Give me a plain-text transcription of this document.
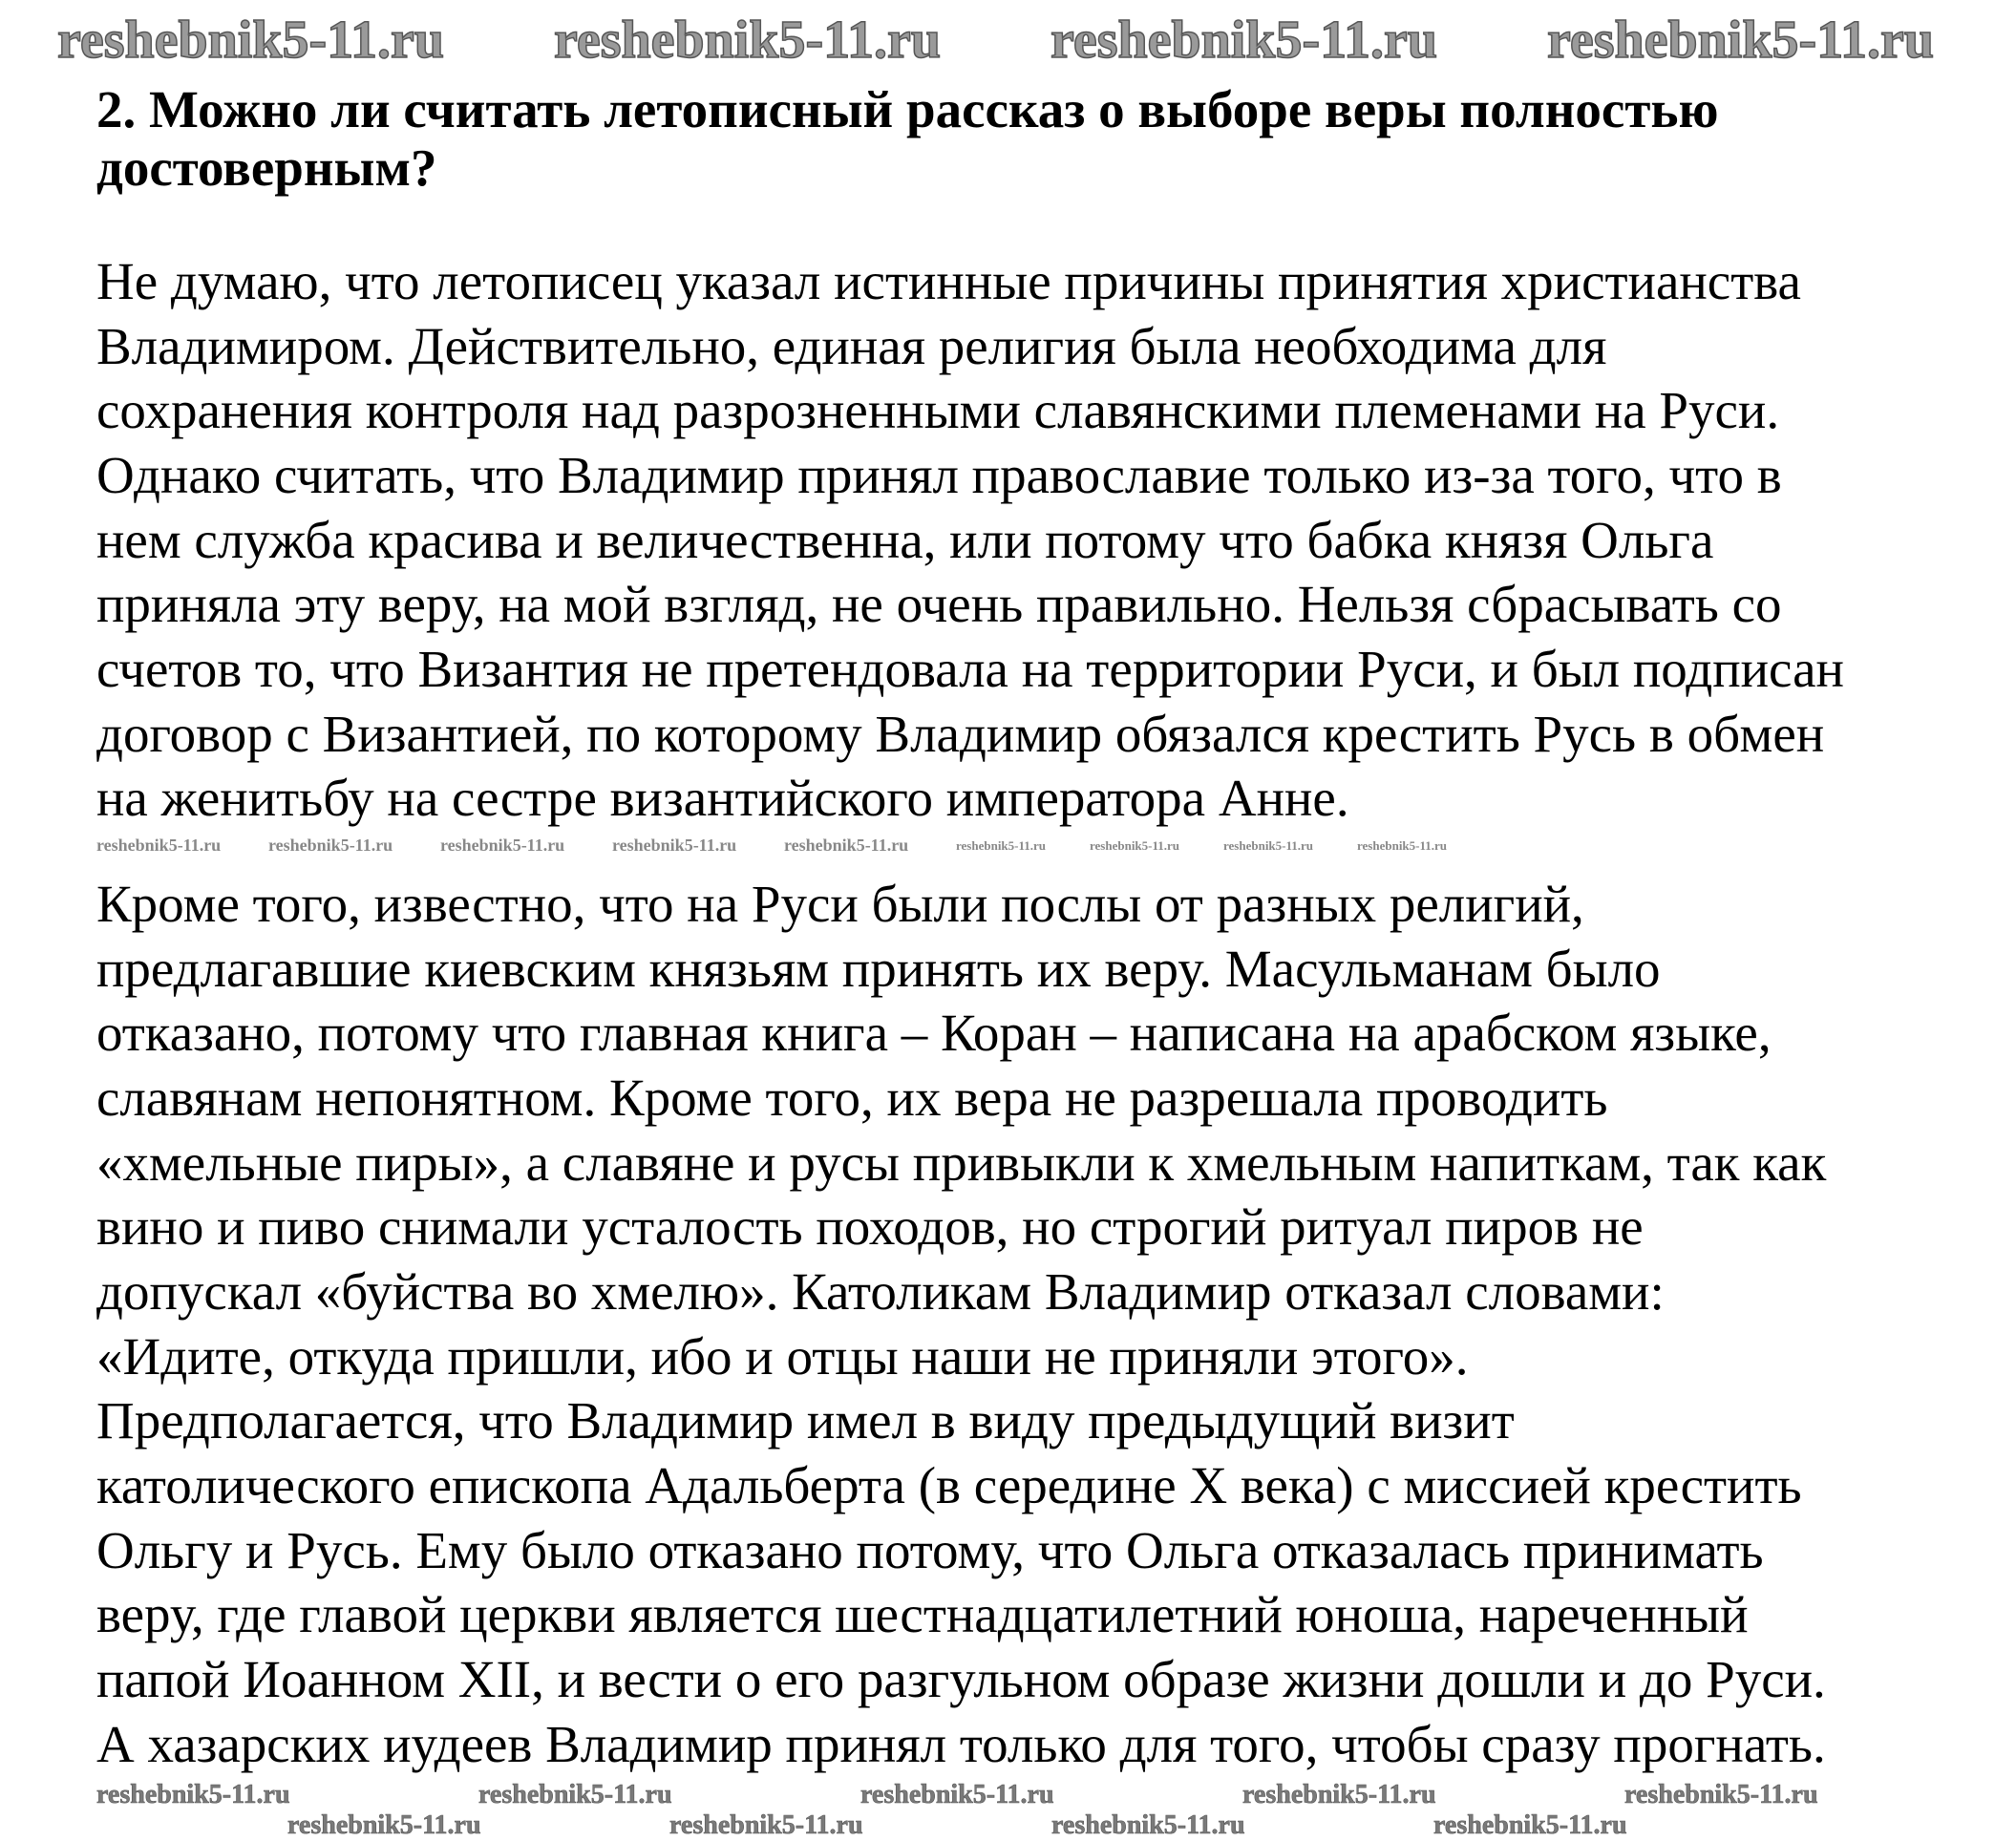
2. Можно ли считать летописный рассказ о выборе веры полностью
достоверным?
Не думаю, что летописец указал истинные причины принятия христианства
Владимиром. Действительно, единая религия была необходима для
сохранения контроля над разрозненными славянскими племенами на Руси.
Однако считать, что Владимир принял православие только из-за того, что в
нем служба красива и величественна, или потому что бабка князя Ольга
приняла эту веру, на мой взгляд, не очень правильно. Нельзя сбрасывать со
счетов то, что Византия не претендовала на территории Руси, и был подписан
договор с Византией, по которому Владимир обязался крестить Русь в обмен
на женитьбу на сестре византийского императора Анне.
Кроме того, известно, что на Руси были послы от разных религий,
предлагавшие киевским князьям принять их веру. Масульманам было
отказано, потому что главная книга – Коран – написана на арабском языке,
славянам непонятном. Кроме того, их вера не разрешала проводить
«хмельные пиры», а славяне и русы привыкли к хмельным напиткам, так как
вино и пиво снимали усталость походов, но строгий ритуал пиров не
допускал «буйства во хмелю». Католикам Владимир отказал словами:
«Идите, откуда пришли, ибо и отцы наши не приняли этого».
Предполагается, что Владимир имел в виду предыдущий визит
католического епископа Адальберта (в середине X века) с миссией крестить
Ольгу и Русь. Ему было отказано потому, что Ольга отказалась принимать
веру, где главой церкви является шестнадцатилетний юноша, нареченный
папой Иоанном XII, и вести о его разгульном образе жизни дошли и до Руси.
А хазарских иудеев Владимир принял только для того, чтобы сразу прогнать.
reshebnik5-11.ru reshebnik5-11.ru reshebnik5-11.ru reshebnik5-11.ru
reshebnik5-11.ru	reshebnik5-11.ru	reshebnik5-11.ru	reshebnik5-11.ru	reshebnik5-11.ru	reshebnik5-11.ru	reshebnik5-11.ru	reshebnik5-11.ru	reshebnik5-11.ru
reshebnik5-11.ru	reshebnik5-11.ru	reshebnik5-11.ru	reshebnik5-11.ru	reshebnik5-11.ru
reshebnik5-11.ru	reshebnik5-11.ru	reshebnik5-11.ru	reshebnik5-11.ru
